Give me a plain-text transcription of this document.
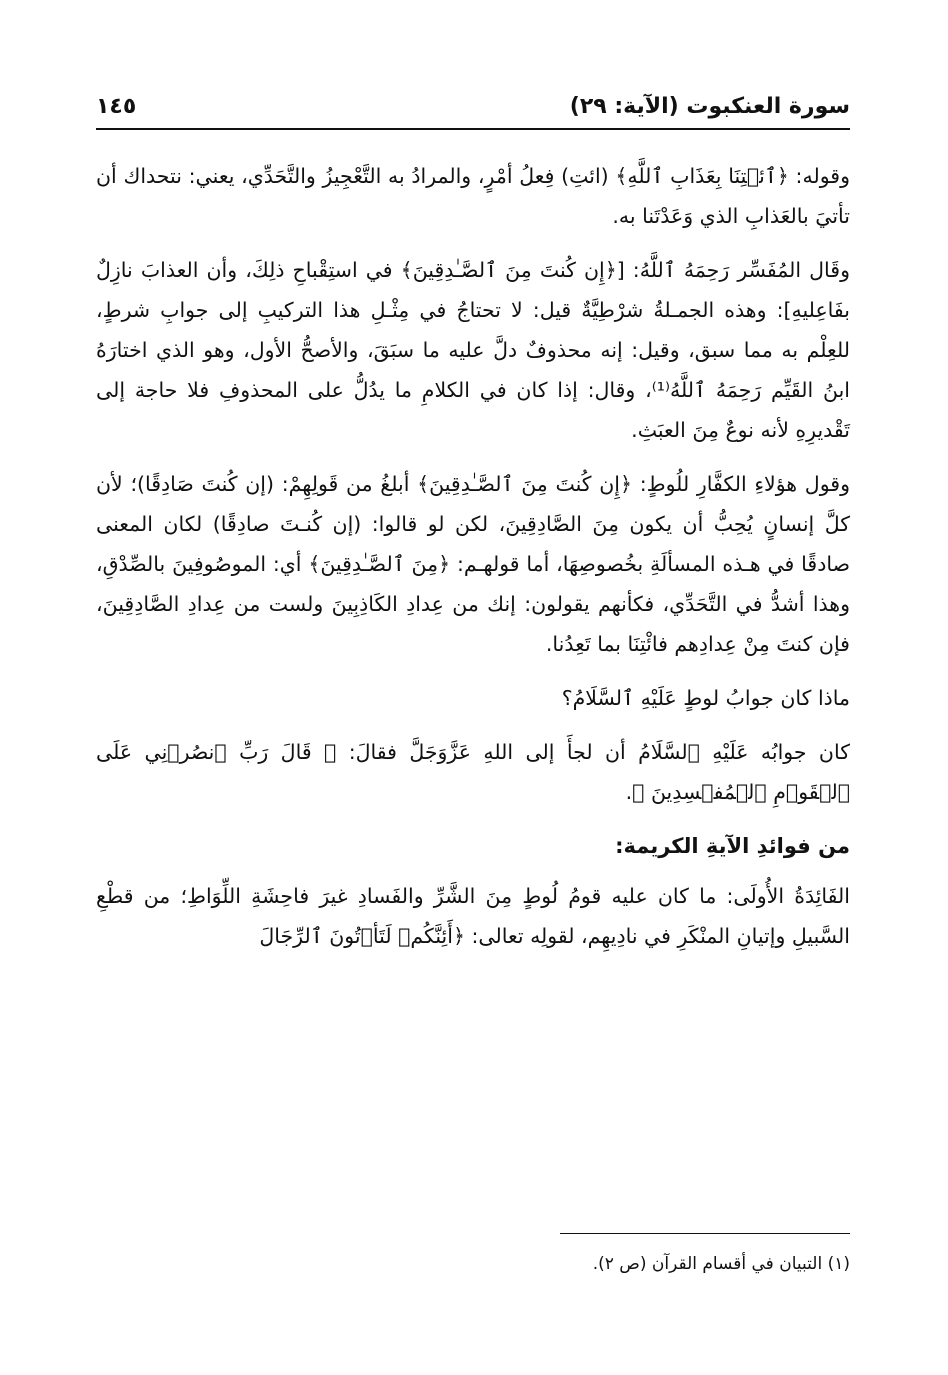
سورة العنكبوت (الآية: ٢٩)
١٤٥

وقوله: ﴿ٱئۡتِنَا بِعَذَابِ ٱللَّهِ﴾ (ائتِ) فِعلُ أمْرٍ، والمرادُ به التَّعْجِيزُ والتَّحَدِّي، يعني: نتحداك أن تأتيَ بالعَذابِ الذي وَعَدْتَنا به.

وقَال المُفَسِّر رَحِمَهُ ٱللَّهُ: [﴿إِن كُنتَ مِنَ ٱلصَّـٰدِقِينَ﴾ في استِقْباحِ ذلِكَ، وأن العذابَ نازِلٌ بفَاعِليهِ]: وهذه الجمـلةُ شرْطِيَّةٌ قيل: لا تحتاجُ في مِثْـلِ هذا التركيبِ إلى جوابِ شرطٍ، للعِلْم به مما سبق، وقيل: إنه محذوفٌ دلَّ عليه ما سبَقَ، والأصحُّ الأول، وهو الذي اختارَهُ ابنُ القَيِّم رَحِمَهُ ٱللَّهُ⁽¹⁾، وقال: إذا كان في الكلامِ ما يدُلُّ على المحذوفِ فلا حاجة إلى تَقْديرِهِ لأنه نوعٌ مِنَ العبَثِ.

وقول هؤلاءِ الكفَّارِ للُوطٍ: ﴿إِن كُنتَ مِنَ ٱلصَّـٰدِقِينَ﴾ أبلغُ من قَولِهِمْ: (إن كُنتَ صَادِقًا)؛ لأن كلَّ إنسانٍ يُحِبُّ أن يكون مِنَ الصَّادِقِينَ، لكن لو قالوا: (إن كُنـتَ صادِقًا) لكان المعنى صادقًا في هـذه المسألَةِ بخُصوصِهَا، أما قولهـم: ﴿مِنَ ٱلصَّـٰدِقِينَ﴾ أي: الموصُوفِينَ بالصِّدْقِ، وهذا أشدُّ في التَّحَدِّي، فكأنهم يقولون: إنك من عِدادِ الكَاذِبِينَ ولست من عِدادِ الصَّادِقِينَ، فإن كنتَ مِنْ عِدادِهم فائْتِنَا بما تَعِدُنا.

ماذا كان جوابُ لوطٍ عَلَيْهِ ٱلسَّلَامُ؟

كان جوابُه عَلَيْهِ ٱلسَّلَامُ أن لجأَ إلى اللهِ عَزَّوَجَلَّ فقالَ: ﴿ قَالَ رَبِّ ٱنصُرۡنِي عَلَى ٱلۡقَوۡمِ ٱلۡمُفۡسِدِينَ ﴾.

من فوائدِ الآيةِ الكريمة:

الفَائِدَةُ الأُولَى: ما كان عليه قومُ لُوطٍ مِنَ الشَّرِّ والفَسادِ غيرَ فاحِشَةِ اللِّوَاطِ؛ من قطْعِ السَّبيلِ وإتيانِ المنْكَرِ في نادِيهِم، لقولِه تعالى: ﴿أَئِنَّكُمۡ لَتَأۡتُونَ ٱلرِّجَالَ

(١) التبيان في أقسام القرآن (ص ٢).
